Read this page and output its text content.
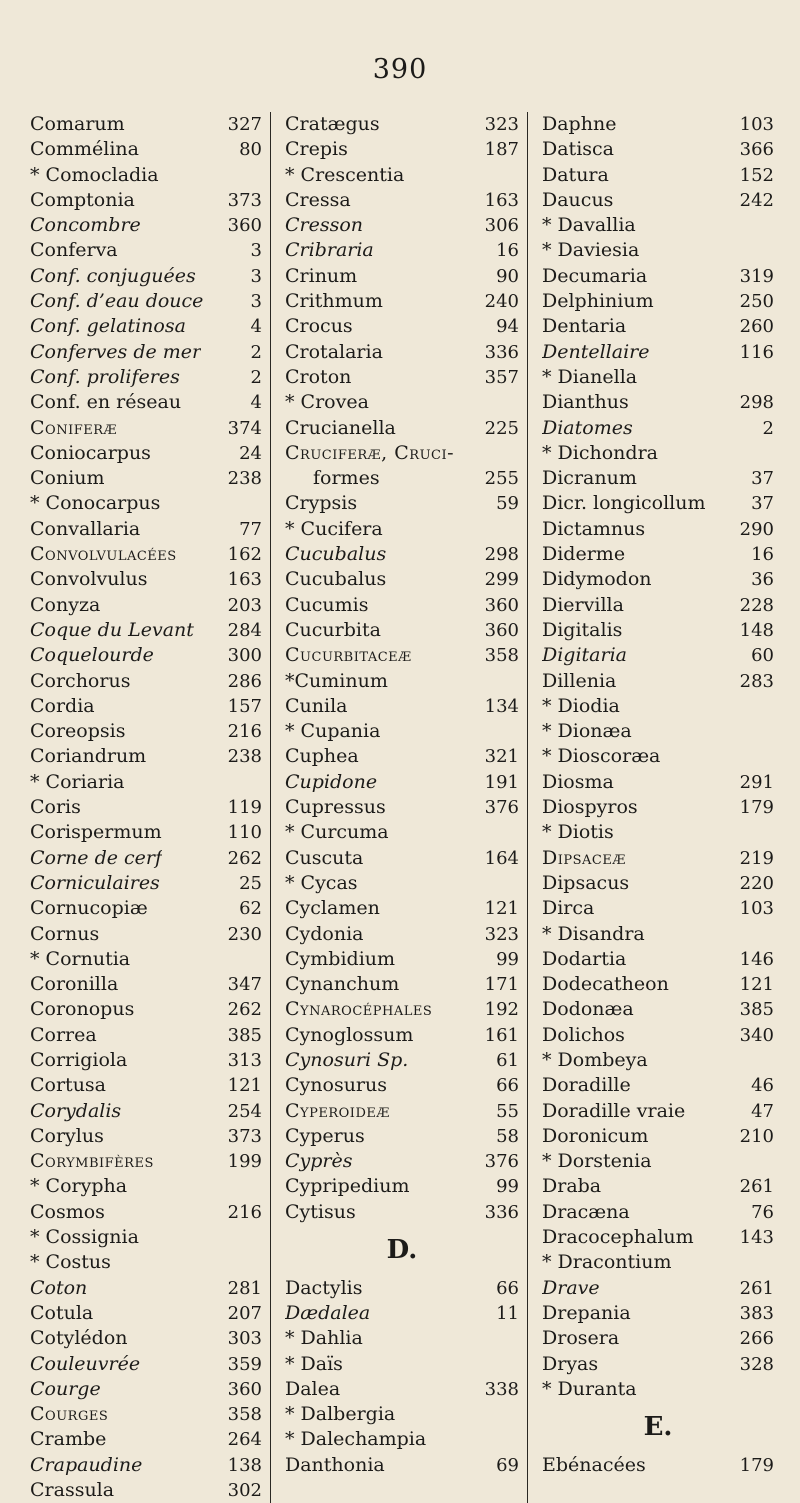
390
Comarum	327
Commélina	80
* Comocladia
Comptonia	373
Concombre	360
Conferva	3
Conf. conjuguées	3
Conf. d’eau douce	3
Conf. gelatinosa	4
Conferves de mer	2
Conf. proliferes	2
Conf. en réseau	4
Coniferæ	374
Coniocarpus	24
Conium	238
* Conocarpus
Convallaria	77
Convolvulacées	162
Convolvulus	163
Conyza	203
Coque du Levant 284
Coquelourde	300
Corchorus	286
Cordia	157
Coreopsis	216
Coriandrum	238
* Coriaria
Coris	119
Corispermum	110
Corne de cerf	262
Corniculaires	25
Cornucopiæ	62
Cornus	230
* Cornutia
Coronilla	347
Coronopus	262
Correa	385
Corrigiola	313
Cortusa	121
Corydalis	254
Corylus	373
Corymbifères	199
* Corypha
Cosmos	216
* Cossignia
* Costus
Coton	281
Cotula	207
Cotylédon	303
Couleuvrée	359
Courge	360
Courges	358
Crambe	264
Crapaudine	138
Crassula	302
Cratægus	323
Crepis	187
* Crescentia
Cressa	163
Cresson	306
Cribraria	16
Crinum	90
Crithmum	240
Crocus	94
Crotalaria	336
Croton	357
* Crovea
Crucianella	225
Cruciferæ, Cruci-
formes	255
Crypsis	59
* Cucifera
Cucubalus	298
Cucubalus	299
Cucumis	360
Cucurbita	360
Cucurbitaceæ	358
*Cuminum
Cunila	134
* Cupania
Cuphea	321
Cupidone	191
Cupressus	376
* Curcuma
Cuscuta	164
* Cycas
Cyclamen	121
Cydonia	323
Cymbidium	99
Cynanchum	171
Cynarocéphales	192
Cynoglossum	161
Cynosuri Sp.	61
Cynosurus	66
Cyperoideæ	55
Cyperus	58
Cyprès	376
Cypripedium	99
Cytisus	336
D.
Dactylis	66
Dædalea	11
* Dahlia
* Daïs
Dalea	338
* Dalbergia
* Dalechampia
Danthonia	69
Daphne	103
Datisca	366
Datura	152
Daucus	242
* Davallia
* Daviesia
Decumaria	319
Delphinium	250
Dentaria	260
Dentellaire	116
* Dianella
Dianthus	298
Diatomes	2
* Dichondra
Dicranum	37
Dicr. longicollum	37
Dictamnus	290
Diderme	16
Didymodon	36
Diervilla	228
Digitalis	148
Digitaria	60
Dillenia	283
* Diodia
* Dionæa
* Dioscoræa
Diosma	291
Diospyros	179
* Diotis
Dipsaceæ	219
Dipsacus	220
Dirca	103
* Disandra
Dodartia	146
Dodecatheon	121
Dodonæa	385
Dolichos	340
* Dombeya
Doradille	46
Doradille vraie	47
Doronicum	210
* Dorstenia
Draba	261
Dracæna	76
Dracocephalum	143
* Dracontium
Drave	261
Drepania	383
Drosera	266
Dryas	328
* Duranta
E.
Ebénacées	179
